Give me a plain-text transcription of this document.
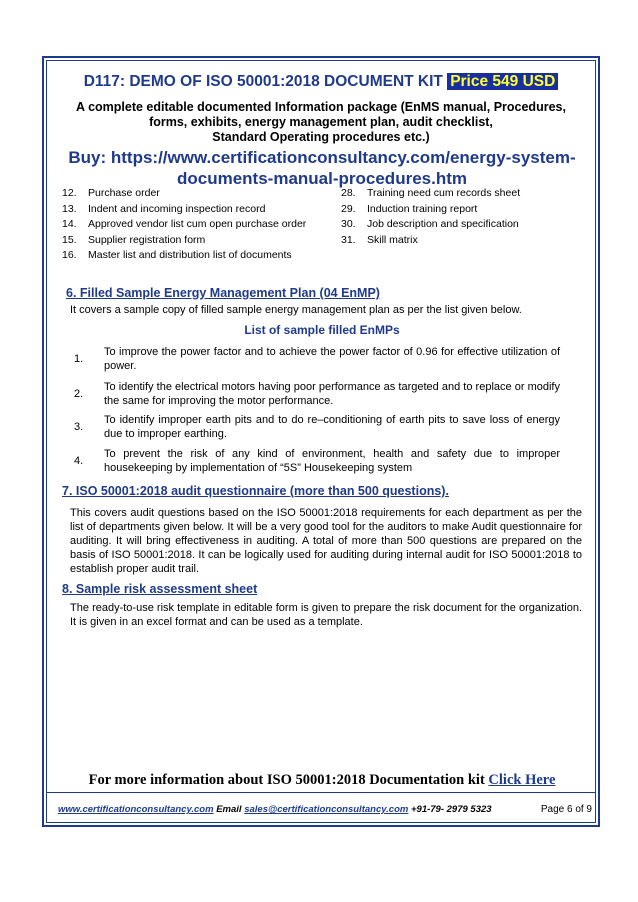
D117: DEMO OF ISO 50001:2018 DOCUMENT KIT Price 549 USD
A complete editable documented Information package (EnMS manual, Procedures,
forms, exhibits, energy management plan, audit checklist,
Standard Operating procedures etc.)
Buy: https://www.certificationconsultancy.com/energy-system-documents-manual-procedures.htm
12.	Purchase order
13.	Indent and incoming inspection record
14.	Approved vendor list cum open purchase order
15.	Supplier registration form
16.	Master list and distribution list of documents
28.	Training need cum records sheet
29.	Induction training report
30.	Job description and specification
31.	Skill matrix
6. Filled Sample Energy Management Plan (04 EnMP)
It covers a sample copy of filled sample energy management plan as per the list given below.
List of sample filled EnMPs
1.
To improve the power factor and to achieve the power factor of 0.96 for effective utilization of power.
2.
To identify the electrical motors having poor performance as targeted and to replace or modify the same for improving the motor performance.
3.
To identify improper earth pits and to do re–conditioning of earth pits to save loss of energy due to improper earthing.
4.
To prevent the risk of any kind of environment, health and safety due to improper housekeeping by implementation of “5S” Housekeeping system
7. ISO 50001:2018 audit questionnaire (more than 500 questions).
This covers audit questions based on the ISO 50001:2018 requirements for each department as per the list of departments given below. It will be a very good tool for the auditors to make Audit questionnaire for auditing. It will bring effectiveness in auditing. A total of more than 500 questions are prepared on the basis of ISO 50001:2018. It can be logically used for auditing during internal audit for ISO 50001:2018 to establish proper audit trail.
8. Sample risk assessment sheet
The ready-to-use risk template in editable form is given to prepare the risk document for the organization. It is given in an excel format and can be used as a template.
For more information about ISO 50001:2018 Documentation kit Click Here
www.certificationconsultancy.com Email sales@certificationconsultancy.com +91-79- 2979 5323	Page 6 of 9
